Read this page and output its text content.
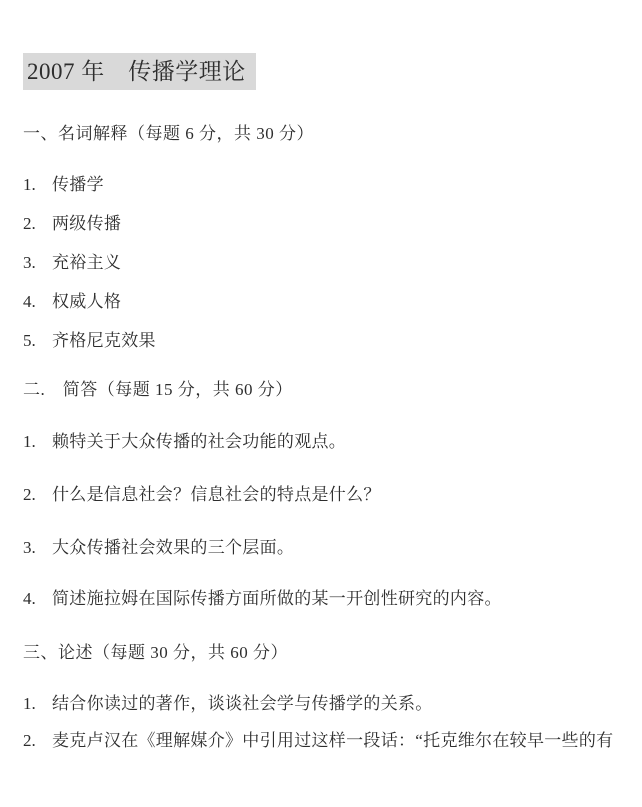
2007 年　传播学理论
一、名词解释（每题 6 分，共 30 分）
1. 传播学
2. 两级传播
3. 充裕主义
4. 权威人格
5. 齐格尼克效果
二.　简答（每题 15 分，共 60 分）
1. 赖特关于大众传播的社会功能的观点。
2. 什么是信息社会？信息社会的特点是什么？
3. 大众传播社会效果的三个层面。
4. 简述施拉姆在国际传播方面所做的某一开创性研究的内容。
三、论述（每题 30 分，共 60 分）
1. 结合你读过的著作，谈谈社会学与传播学的关系。
2. 麦克卢汉在《理解媒介》中引用过这样一段话：“托克维尔在较早一些的有
